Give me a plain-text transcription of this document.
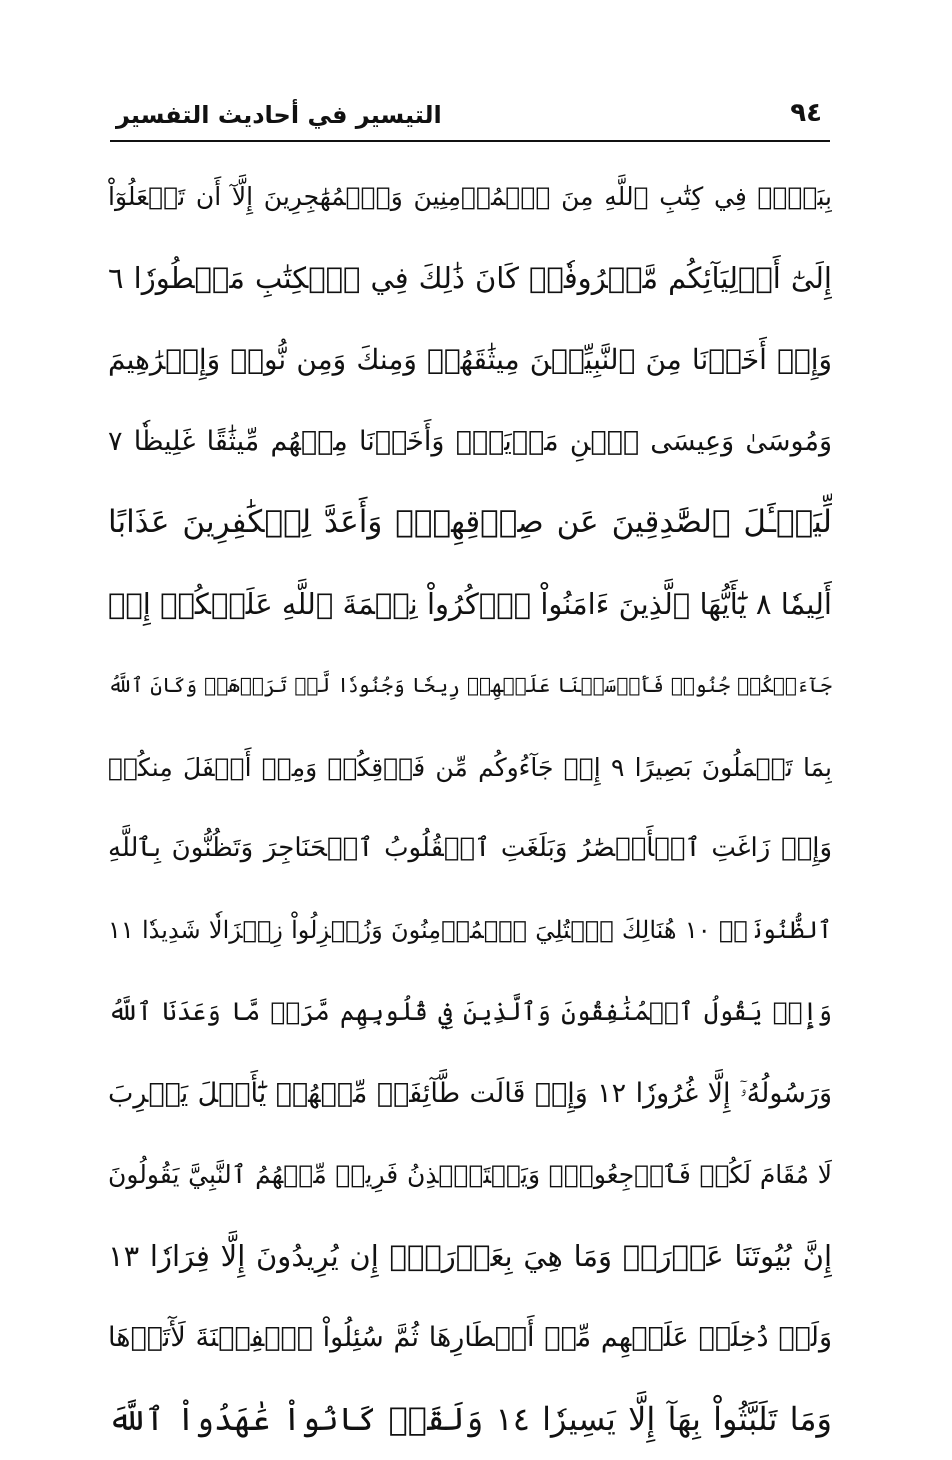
٩٤
التيسير في أحاديث التفسير
بِبَعۡضٖ فِي كِتَٰبِ ٱللَّهِ مِنَ ٱلۡمُؤۡمِنِينَ وَٱلۡمُهَٰجِرِينَ إِلَّآ أَن تَفۡعَلُوٓاْ
إِلَىٰٓ أَوۡلِيَآئِكُم مَّعۡرُوفٗاۚ كَانَ ذَٰلِكَ فِي ٱلۡكِتَٰبِ مَسۡطُورٗا ٦
وَإِذۡ أَخَذۡنَا مِنَ ٱلنَّبِيِّـۧنَ مِيثَٰقَهُمۡ وَمِنكَ وَمِن نُّوحٖ وَإِبۡرَٰهِيمَ
وَمُوسَىٰ وَعِيسَى ٱبۡنِ مَرۡيَمَۖ وَأَخَذۡنَا مِنۡهُم مِّيثَٰقًا غَلِيظٗا ٧
لِّيَسۡـَٔلَ ٱلصَّٰدِقِينَ عَن صِدۡقِهِمۡۚ وَأَعَدَّ لِلۡكَٰفِرِينَ عَذَابًا
أَلِيمٗا ٨ يَٰٓأَيُّهَا ٱلَّذِينَ ءَامَنُواْ ٱذۡكُرُواْ نِعۡمَةَ ٱللَّهِ عَلَيۡكُمۡ إِذۡ
جَآءَتۡكُمۡ جُنُودٞ فَأَرۡسَلۡنَا عَلَيۡهِمۡ رِيحٗا وَجُنُودٗا لَّمۡ تَرَوۡهَاۚ وَكَانَ ٱللَّهُ
بِمَا تَعۡمَلُونَ بَصِيرًا ٩ إِذۡ جَآءُوكُم مِّن فَوۡقِكُمۡ وَمِنۡ أَسۡفَلَ مِنكُمۡ
وَإِذۡ زَاغَتِ ٱلۡأَبۡصَٰرُ وَبَلَغَتِ ٱلۡقُلُوبُ ٱلۡحَنَاجِرَ وَتَظُنُّونَ بِٱللَّهِ
ٱلظُّنُونَا۠ ١٠ هُنَالِكَ ٱبۡتُلِيَ ٱلۡمُؤۡمِنُونَ وَزُلۡزِلُواْ زِلۡزَالٗا شَدِيدٗا ١١
وَإِذۡ يَقُولُ ٱلۡمُنَٰفِقُونَ وَٱلَّذِينَ فِي قُلُوبِهِم مَّرَضٞ مَّا وَعَدَنَا ٱللَّهُ
وَرَسُولُهُۥٓ إِلَّا غُرُورٗا ١٢ وَإِذۡ قَالَت طَّآئِفَةٞ مِّنۡهُمۡ يَٰٓأَهۡلَ يَثۡرِبَ
لَا مُقَامَ لَكُمۡ فَٱرۡجِعُواْۚ وَيَسۡتَـٔۡذِنُ فَرِيقٞ مِّنۡهُمُ ٱلنَّبِيَّ يَقُولُونَ
إِنَّ بُيُوتَنَا عَوۡرَةٞ وَمَا هِيَ بِعَوۡرَةٍۖ إِن يُرِيدُونَ إِلَّا فِرَارٗا ١٣
وَلَوۡ دُخِلَتۡ عَلَيۡهِم مِّنۡ أَقۡطَارِهَا ثُمَّ سُئِلُواْ ٱلۡفِتۡنَةَ لَأٓتَوۡهَا
وَمَا تَلَبَّثُواْ بِهَآ إِلَّا يَسِيرٗا ١٤ وَلَقَدۡ كَانُواْ عَٰهَدُواْ ٱللَّهَ
